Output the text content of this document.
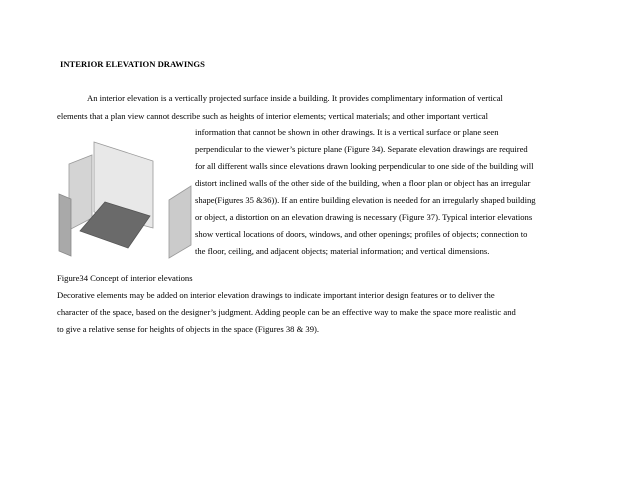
INTERIOR ELEVATION DRAWINGS
An interior elevation is a vertically projected surface inside a building. It provides complimentary information of vertical
elements that a plan view cannot describe such as heights of interior elements; vertical materials; and other important vertical
information that cannot be shown in other drawings. It is a vertical surface or plane seen
perpendicular to the viewer’s picture plane (Figure 34). Separate elevation drawings are required
for all different walls since elevations drawn looking perpendicular to one side of the building will
distort inclined walls of the other side of the building, when a floor plan or object has an irregular
shape(Figures 35 &36)). If an entire building elevation is needed for an irregularly shaped building
or object, a distortion on an elevation drawing is necessary (Figure 37). Typical interior elevations
show vertical locations of doors, windows, and other openings; profiles of objects; connection to
the floor, ceiling, and adjacent objects; material information; and vertical dimensions.
Figure34 Concept of interior elevations
Decorative elements may be added on interior elevation drawings to indicate important interior design features or to deliver the
character of the space, based on the designer’s judgment. Adding people can be an effective way to make the space more realistic and
to give a relative sense for heights of objects in the space (Figures 38 & 39).
